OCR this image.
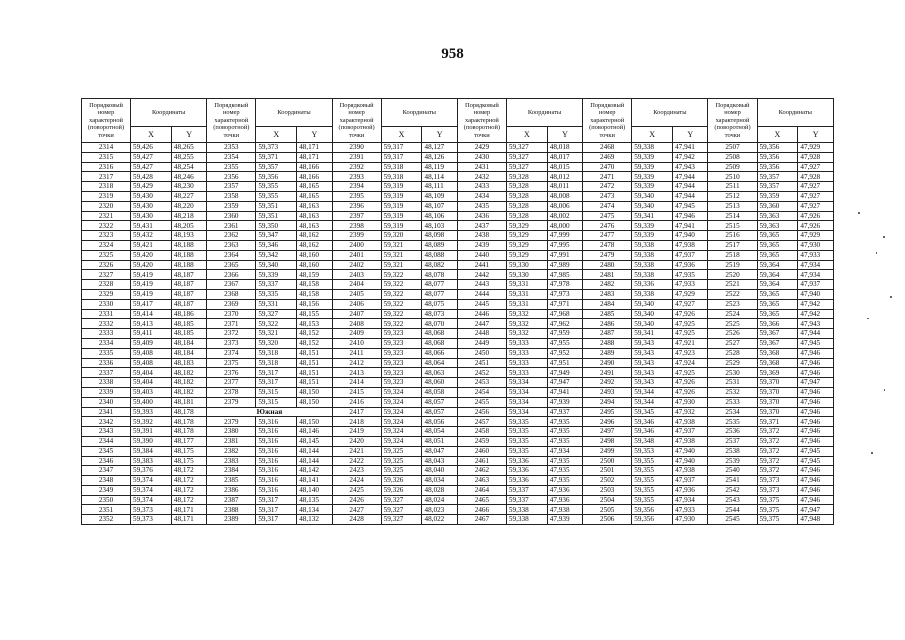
958
Порядковый номер характерной (поворотной) точки	Координаты		Порядковый номер характерной (поворотной) точки	Координаты		Порядковый номер характерной (поворотной) точки	Координаты		Порядковый номер характерной (поворотной) точки	Координаты		Порядковый номер характерной (поворотной) точки	Координаты		Порядковый номер характерной (поворотной) точки	Координаты	
	X	Y		X	Y		X	Y		X	Y		X	Y		X	Y
2314	59,426	48,265	2353	59,373	48,171	2390	59,317	48,127	2429	59,327	48,018	2468	59,338	47,941	2507	59,356	47,929
2315	59,427	48,255	2354	59,371	48,171	2391	59,317	48,126	2430	59,327	48,017	2469	59,339	47,942	2508	59,356	47,928
2316	59,427	48,254	2355	59,357	48,166	2392	59,318	48,119	2431	59,327	48,015	2470	59,339	47,943	2509	59,356	47,927
2317	59,428	48,246	2356	59,356	48,166	2393	59,318	48,114	2432	59,328	48,012	2471	59,339	47,944	2510	59,357	47,928
2318	59,429	48,230	2357	59,355	48,165	2394	59,319	48,111	2433	59,328	48,011	2472	59,339	47,944	2511	59,357	47,927
2319	59,430	48,227	2358	59,355	48,165	2395	59,319	48,109	2434	59,328	48,008	2473	59,340	47,944	2512	59,359	47,927
2320	59,430	48,220	2359	59,351	48,163	2396	59,319	48,107	2435	59,328	48,006	2474	59,340	47,945	2513	59,360	47,927
2321	59,430	48,218	2360	59,351	48,163	2397	59,319	48,106	2436	59,328	48,002	2475	59,341	47,946	2514	59,363	47,926
2322	59,431	48,205	2361	59,350	48,163	2398	59,319	48,103	2437	59,329	48,000	2476	59,339	47,941	2515	59,363	47,926
2323	59,432	48,193	2362	59,347	48,162	2399	59,320	48,098	2438	59,329	47,999	2477	59,339	47,940	2516	59,365	47,929
2324	59,421	48,188	2363	59,346	48,162	2400	59,321	48,089	2439	59,329	47,995	2478	59,338	47,938	2517	59,365	47,930
2325	59,420	48,188	2364	59,342	48,160	2401	59,321	48,088	2440	59,329	47,991	2479	59,338	47,937	2518	59,365	47,933
2326	59,420	48,188	2365	59,340	48,160	2402	59,321	48,082	2441	59,330	47,989	2480	59,338	47,936	2519	59,364	47,934
2327	59,419	48,187	2366	59,339	48,159	2403	59,322	48,078	2442	59,330	47,985	2481	59,338	47,935	2520	59,364	47,934
2328	59,419	48,187	2367	59,337	48,158	2404	59,322	48,077	2443	59,331	47,978	2482	59,336	47,933	2521	59,364	47,937
2329	59,419	48,187	2368	59,335	48,158	2405	59,322	48,077	2444	59,331	47,973	2483	59,338	47,929	2522	59,365	47,940
2330	59,417	48,187	2369	59,331	48,156	2406	59,322	48,075	2445	59,331	47,971	2484	59,340	47,927	2523	59,365	47,942
2331	59,414	48,186	2370	59,327	48,155	2407	59,322	48,073	2446	59,332	47,968	2485	59,340	47,926	2524	59,365	47,942
2332	59,413	48,185	2371	59,322	48,153	2408	59,322	48,070	2447	59,332	47,962	2486	59,340	47,925	2525	59,366	47,943
2333	59,411	48,185	2372	59,321	48,152	2409	59,323	48,068	2448	59,332	47,959	2487	59,341	47,925	2526	59,367	47,944
2334	59,409	48,184	2373	59,320	48,152	2410	59,323	48,068	2449	59,333	47,955	2488	59,343	47,921	2527	59,367	47,945
2335	59,408	48,184	2374	59,318	48,151	2411	59,323	48,066	2450	59,333	47,952	2489	59,343	47,923	2528	59,368	47,946
2336	59,408	48,183	2375	59,318	48,151	2412	59,323	48,064	2451	59,333	47,951	2490	59,343	47,924	2529	59,368	47,946
2337	59,404	48,182	2376	59,317	48,151	2413	59,323	48,063	2452	59,333	47,949	2491	59,343	47,925	2530	59,369	47,946
2338	59,404	48,182	2377	59,317	48,151	2414	59,323	48,060	2453	59,334	47,947	2492	59,343	47,926	2531	59,370	47,947
2339	59,403	48,182	2378	59,315	48,150	2415	59,324	48,058	2454	59,334	47,941	2493	59,344	47,926	2532	59,370	47,946
2340	59,400	48,181	2379	59,315	48,150	2416	59,324	48,057	2455	59,334	47,939	2494	59,344	47,930	2533	59,370	47,946
2341	59,393	48,178	Южная			2417	59,324	48,057	2456	59,334	47,937	2495	59,345	47,932	2534	59,370	47,946
2342	59,392	48,178	2379	59,316	48,150	2418	59,324	48,056	2457	59,335	47,935	2496	59,346	47,938	2535	59,371	47,946
2343	59,391	48,178	2380	59,316	48,146	2419	59,324	48,054	2458	59,335	47,935	2497	59,346	47,937	2536	59,372	47,946
2344	59,390	48,177	2381	59,316	48,145	2420	59,324	48,051	2459	59,335	47,935	2498	59,348	47,938	2537	59,372	47,946
2345	59,384	48,175	2382	59,316	48,144	2421	59,325	48,047	2460	59,335	47,934	2499	59,353	47,940	2538	59,372	47,945
2346	59,383	48,175	2383	59,316	48,144	2422	59,325	48,043	2461	59,336	47,935	2500	59,355	47,940	2539	59,372	47,945
2347	59,376	48,172	2384	59,316	48,142	2423	59,325	48,040	2462	59,336	47,935	2501	59,355	47,938	2540	59,372	47,946
2348	59,374	48,172	2385	59,316	48,141	2424	59,326	48,034	2463	59,336	47,935	2502	59,355	47,937	2541	59,373	47,946
2349	59,374	48,172	2386	59,316	48,140	2425	59,326	48,028	2464	59,337	47,936	2503	59,355	47,936	2542	59,373	47,946
2350	59,374	48,172	2387	59,317	48,135	2426	59,327	48,024	2465	59,337	47,936	2504	59,355	47,934	2543	59,375	47,946
2351	59,373	48,171	2388	59,317	48,134	2427	59,327	48,023	2466	59,338	47,938	2505	59,356	47,933	2544	59,375	47,947
2352	59,373	48,171	2389	59,317	48,132	2428	59,327	48,022	2467	59,338	47,939	2506	59,356	47,930	2545	59,375	47,948
